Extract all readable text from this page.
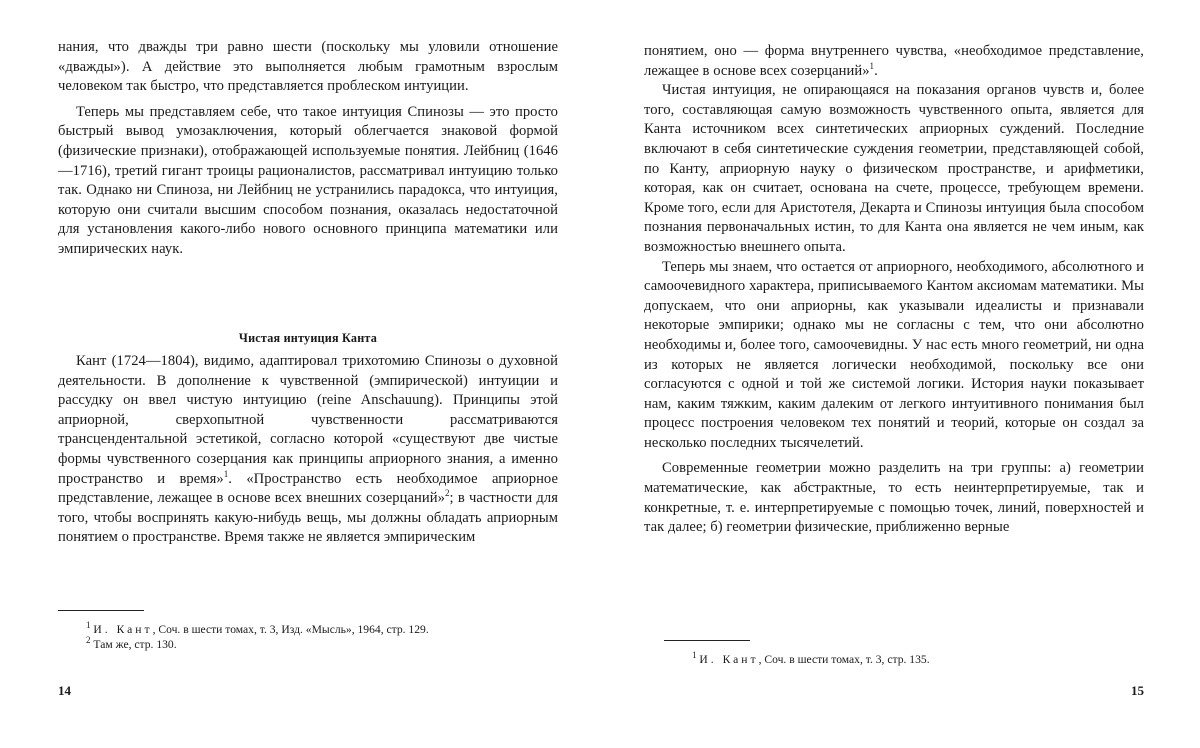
нания, что дважды три равно шести (поскольку мы уловили отношение «дважды»). А действие это выполняется любым грамотным взрослым человеком так быстро, что представляется проблеском интуиции.

Теперь мы представляем себе, что такое интуиция Спинозы — это просто быстрый вывод умозаключения, который облегчается знаковой формой (физические признаки), отображающей используемые понятия. Лейбниц (1646—1716), третий гигант троицы рационалистов, рассматривал интуицию только так. Однако ни Спиноза, ни Лейбниц не устранились парадокса, что интуиция, которую они считали высшим способом познания, оказалась недостаточной для установления какого-либо нового основного принципа математики или эмпирических наук.

Чистая интуиция Канта

Кант (1724—1804), видимо, адаптировал трихотомию Спинозы о духовной деятельности. В дополнение к чувственной (эмпирической) интуиции и рассудку он ввел чистую интуицию (reine Anschauung). Принципы этой априорной, сверхопытной чувственности рассматриваются трансцендентальной эстетикой, согласно которой «существуют две чистые формы чувственного созерцания как принципы априорного знания, а именно пространство и время»$^1$. «Пространство есть необходимое априорное представление, лежащее в основе всех внешних созерцаний»$^2$; в частности для того, чтобы воспринять какую-нибудь вещь, мы должны обладать априорным понятием о пространстве. Время также не является эмпирическим

$^1$ И. Кант, Соч. в шести томах, т. 3, Изд. «Мысль», 1964, стр. 129.

$^2$ Там же, стр. 130.

14

понятием, оно — форма внутреннего чувства, «необходимое представление, лежащее в основе всех созерцаний»$^1$.

Чистая интуиция, не опирающаяся на показания органов чувств и, более того, составляющая самую возможность чувственного опыта, является для Канта источником всех синтетических априорных суждений. Последние включают в себя синтетические суждения геометрии, представляющей собой, по Канту, априорную науку о физическом пространстве, и арифметики, которая, как он считает, основана на счете, процессе, требующем времени. Кроме того, если для Аристотеля, Декарта и Спинозы интуиция была способом познания первоначальных истин, то для Канта она является не чем иным, как возможностью внешнего опыта.

Теперь мы знаем, что остается от априорного, необходимого, абсолютного и самоочевидного характера, приписываемого Кантом аксиомам математики. Мы допускаем, что они априорны, как указывали идеалисты и признавали некоторые эмпирики; однако мы не согласны с тем, что они абсолютно необходимы и, более того, самоочевидны. У нас есть много геометрий, ни одна из которых не является логически необходимой, поскольку все они согласуются с одной и той же системой логики. История науки показывает нам, каким тяжким, каким далеким от легкого интуитивного понимания был процесс построения человеком тех понятий и теорий, которые он создал за несколько последних тысячелетий.

Современные геометрии можно разделить на три группы: а) геометрии математические, как абстрактные, то есть неинтерпретируемые, так и конкретные, т. е. интерпретируемые с помощью точек, линий, поверхностей и так далее; б) геометрии физические, приближенно верные

$^1$ И. Кант, Соч. в шести томах, т. 3, стр. 135.

15
